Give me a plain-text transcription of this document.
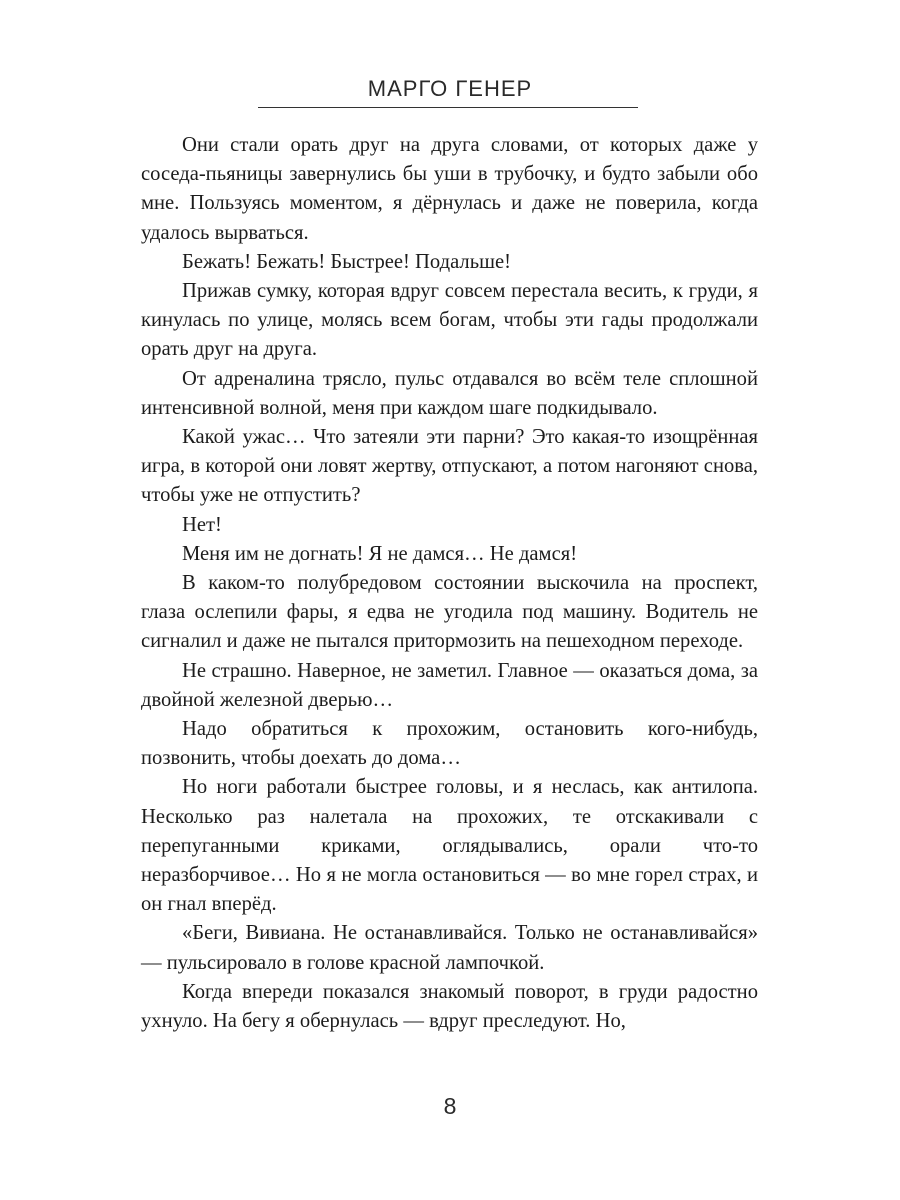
МАРГО ГЕНЕР

Они стали орать друг на друга словами, от которых даже у соседа-пьяницы завернулись бы уши в трубочку, и будто забыли обо мне. Пользуясь моментом, я дёрнулась и даже не поверила, когда удалось вырваться.

Бежать! Бежать! Быстрее! Подальше!

Прижав сумку, которая вдруг совсем перестала весить, к груди, я кинулась по улице, молясь всем богам, чтобы эти гады продолжали орать друг на друга.

От адреналина трясло, пульс отдавался во всём теле сплошной интенсивной волной, меня при каждом шаге подкидывало.

Какой ужас… Что затеяли эти парни? Это какая-то изощрённая игра, в которой они ловят жертву, отпускают, а потом нагоняют снова, чтобы уже не отпустить?

Нет!

Меня им не догнать! Я не дамся… Не дамся!

В каком-то полубредовом состоянии выскочила на проспект, глаза ослепили фары, я едва не угодила под машину. Водитель не сигналил и даже не пытался притормозить на пешеходном переходе.

Не страшно. Наверное, не заметил. Главное — оказаться дома, за двойной железной дверью…

Надо обратиться к прохожим, остановить кого-нибудь, позвонить, чтобы доехать до дома…

Но ноги работали быстрее головы, и я неслась, как антилопа. Несколько раз налетала на прохожих, те отскакивали с перепуганными криками, оглядывались, орали что-то неразборчивое… Но я не могла остановиться — во мне горел страх, и он гнал вперёд.

«Беги, Вивиана. Не останавливайся. Только не останавливайся» — пульсировало в голове красной лампочкой.

Когда впереди показался знакомый поворот, в груди радостно ухнуло. На бегу я обернулась — вдруг преследуют. Но,

8
